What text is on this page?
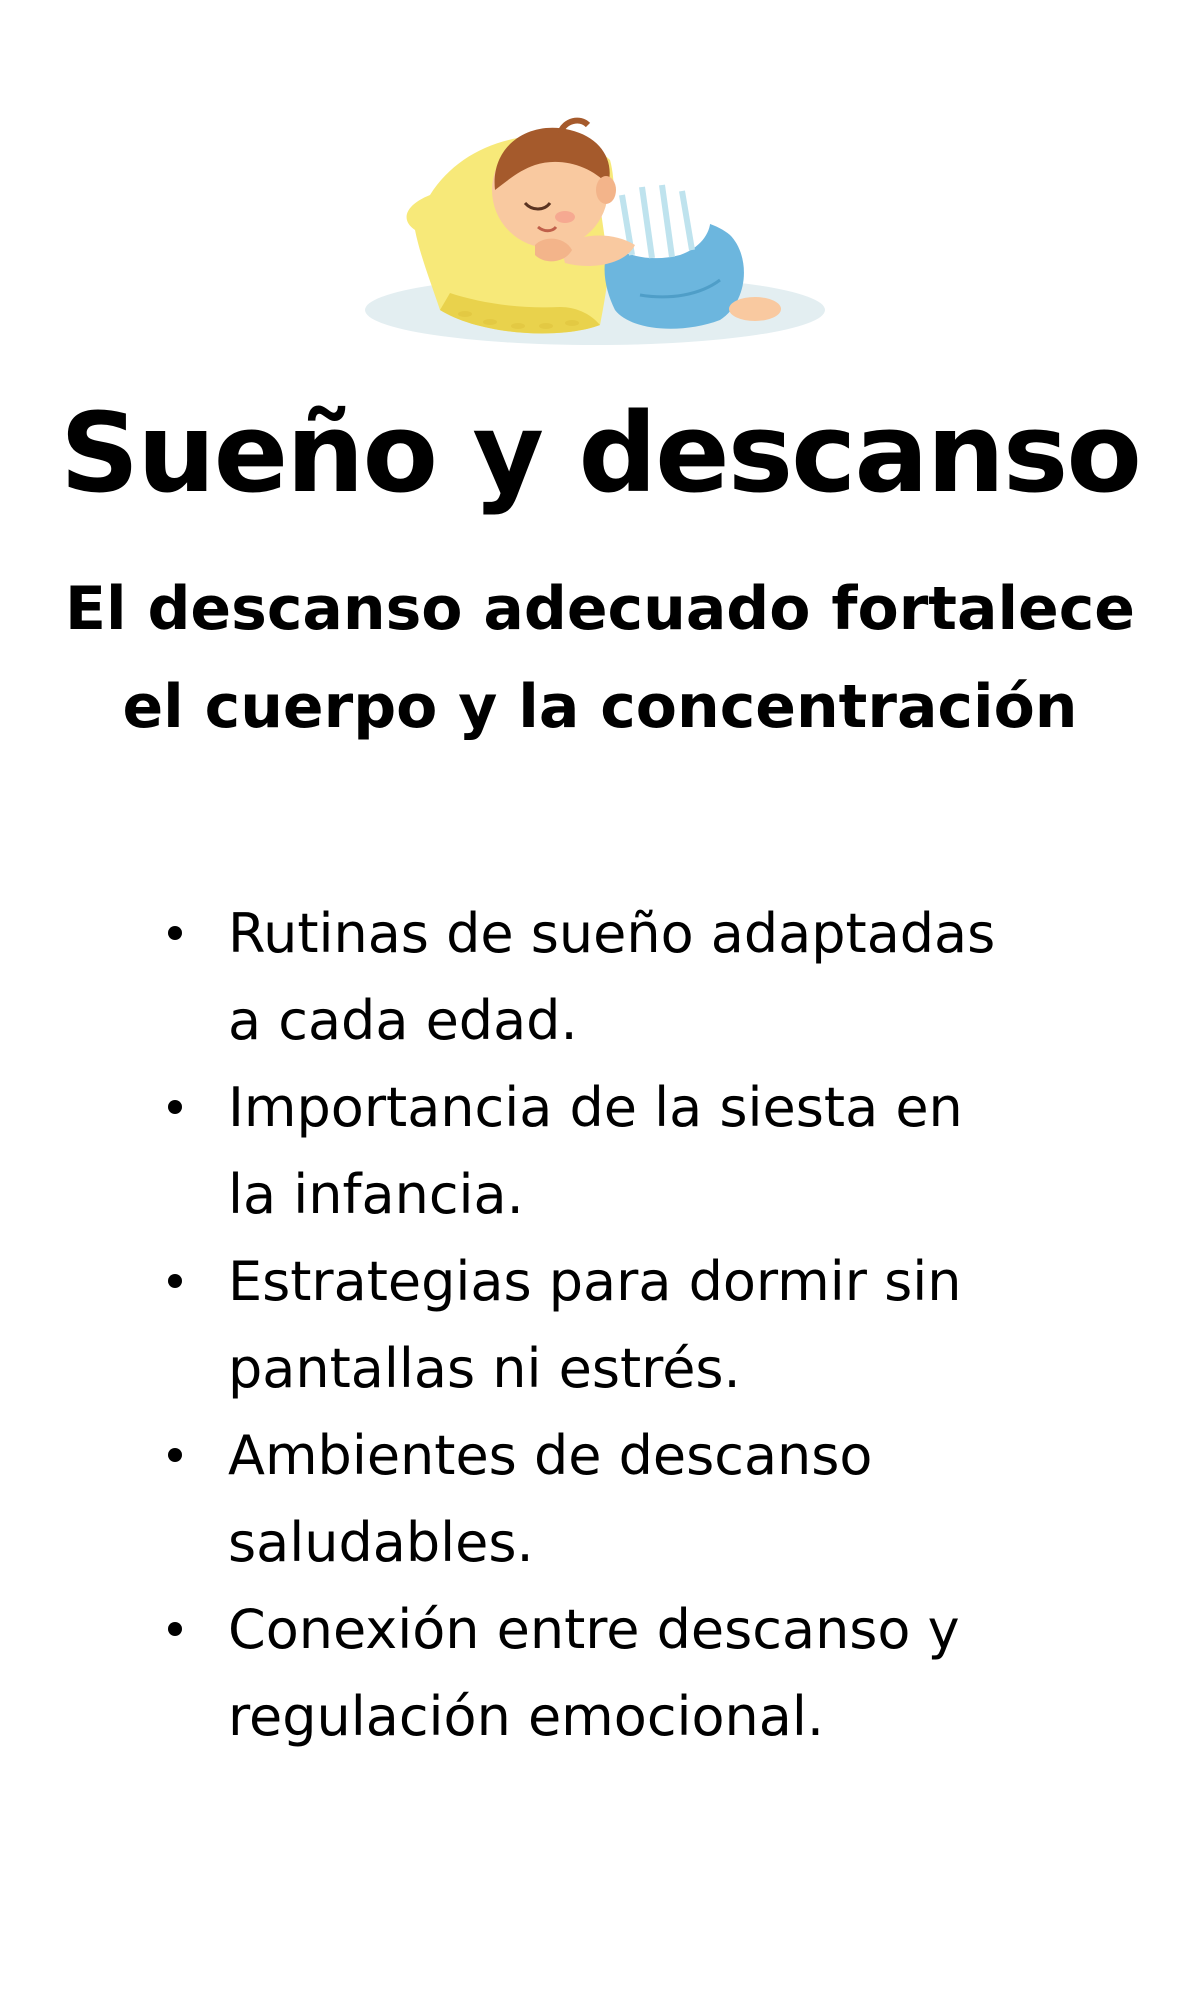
Sueño y descanso
El descanso adecuado fortalece
el cuerpo y la concentración
Rutinas de sueño adaptadas
a cada edad.
Importancia de la siesta en
la infancia.
Estrategias para dormir sin
pantallas ni estrés.
Ambientes de descanso
saludables.
Conexión entre descanso y
regulación emocional.
